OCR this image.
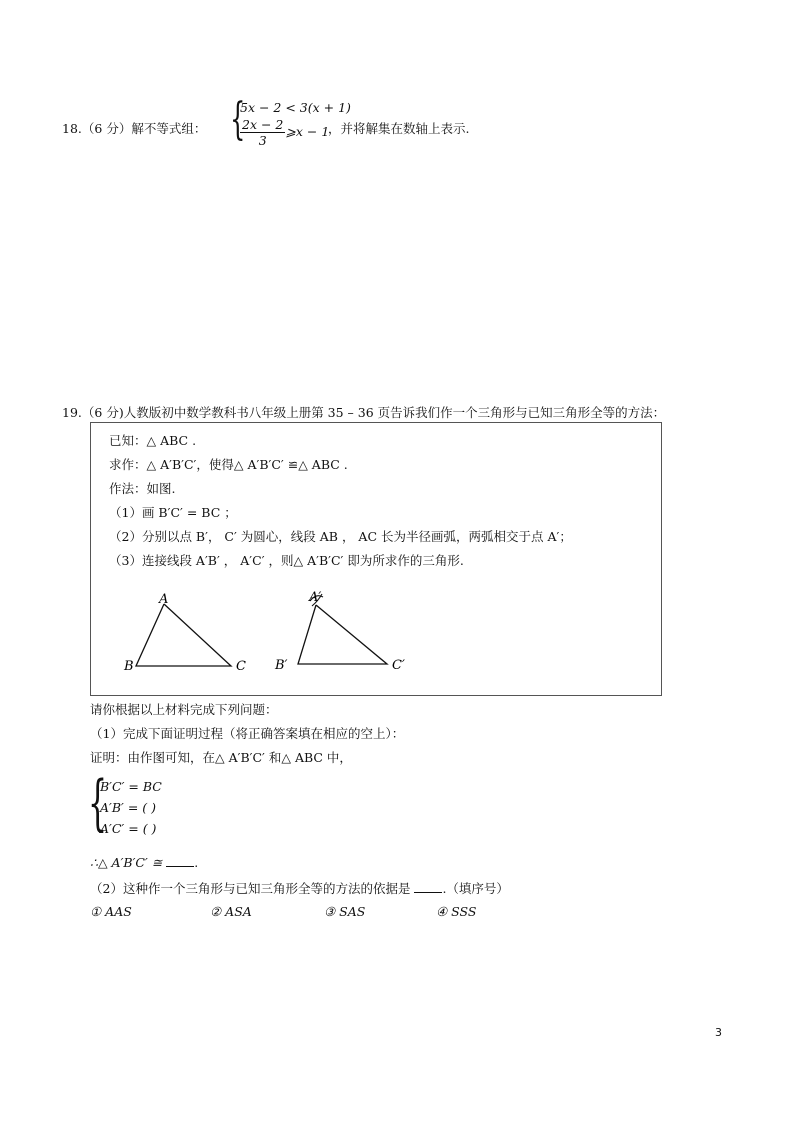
18.（6 分）解不等式组： {
5x − 2 < 3(x + 1)
$\frac{2x - 2}{3}$ ⩾x − 1
，并将解集在数轴上表示.
19.（6 分)人教版初中数学教科书八年级上册第 35 – 36 页告诉我们作一个三角形与已知三角形全等的方法：
已知：△ ABC .
求作：△ A′B′C′，使得△ A′B′C′ ≌△ ABC .
作法：如图.
（1）画 B′C′ = BC ；
（2）分别以点 B′， C′ 为圆心，线段 AB ， AC 长为半径画弧，两弧相交于点 A′；
（3）连接线段 A′B′ ， A′C′ ，则△ A′B′C′ 即为所求作的三角形.
A
B	C
A′
B′	C′
请你根据以上材料完成下列问题：
（1）完成下面证明过程（将正确答案填在相应的空上）：
证明：由作图可知，在△ A′B′C′ 和△ ABC 中，
{
B′C′ = BC
A′B′ = ( )
A′C′ = ( )
∴△ A′B′C′ ≅ .
（2）这种作一个三角形与已知三角形全等的方法的依据是 .（填序号）
① AAS	② ASA	③ SAS	④ SSS
3
